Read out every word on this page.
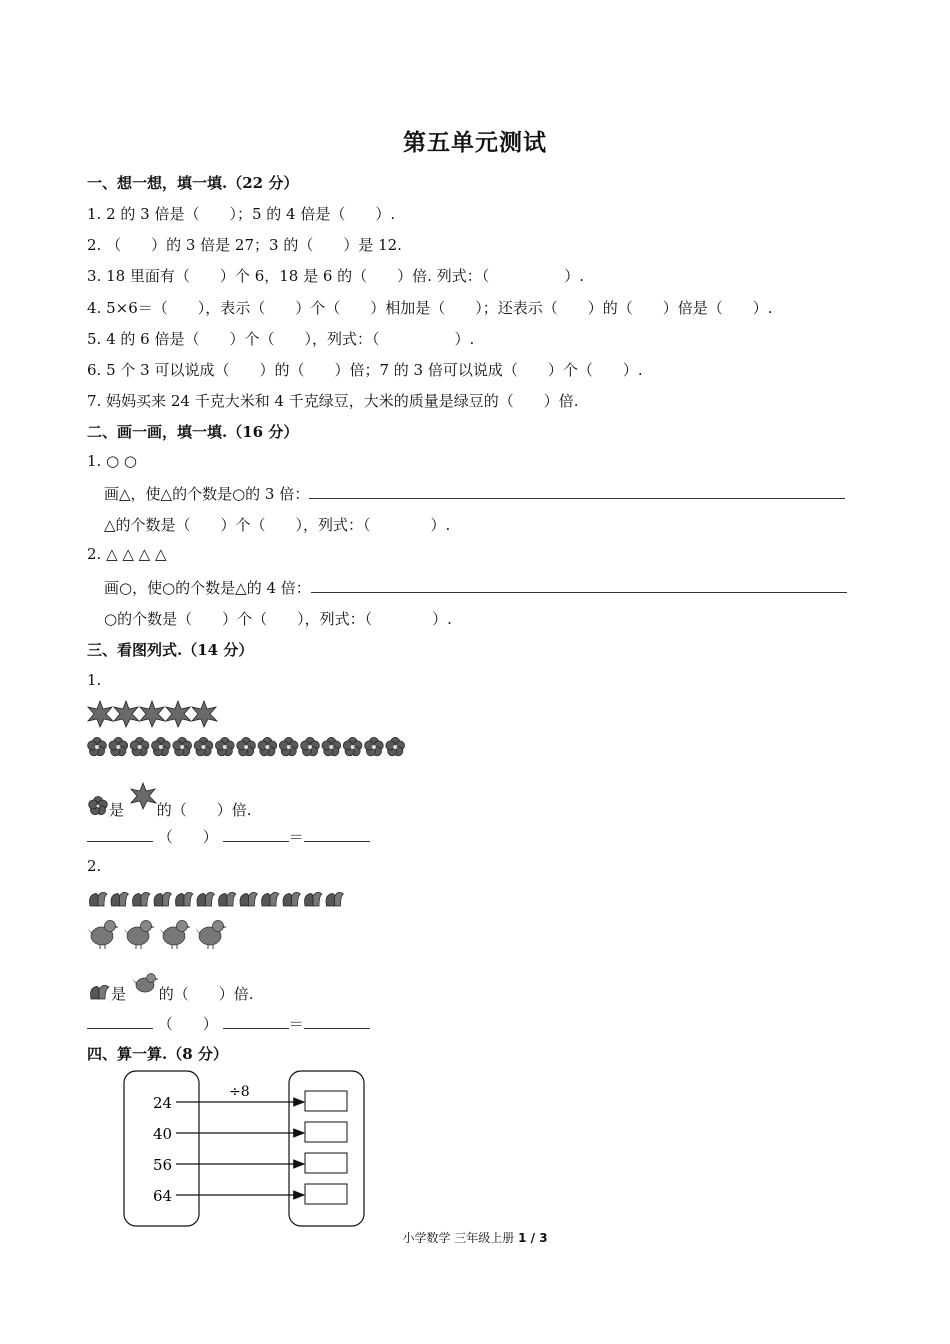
第五单元测试
一、想一想，填一填.（22 分）
1. 2 的 3 倍是（　　）；5 的 4 倍是（　　）.
2. （　　）的 3 倍是 27；3 的（　　）是 12.
3. 18 里面有（　　）个 6，18 是 6 的（　　）倍. 列式：（　　　　　）.
4. 5×6＝（　　），表示（　　）个（　　）相加是（　　）；还表示（　　）的（　　）倍是（　　）.
5. 4 的 6 倍是（　　）个（　　），列式：（　　　　　）.
6. 5 个 3 可以说成（　　）的（　　）倍；7 的 3 倍可以说成（　　）个（　　）.
7. 妈妈买来 24 千克大米和 4 千克绿豆，大米的质量是绿豆的（　　）倍.
二、画一画，填一填.（16 分）
1. ○ ○
画△，使△的个数是○的 3 倍：
△的个数是（　　）个（　　），列式：（　　　　）.
2. △ △ △ △
画○，使○的个数是△的 4 倍：
○的个数是（　　）个（　　），列式：（　　　　）.
三、看图列式.（14 分）
1.
是 的（　　）倍.
（　　）	＝
2.
是 的（　　）倍.
（　　）	＝
四、算一算.（8 分）
÷8
24
40
56
64
小学数学 三年级上册 1 / 3
